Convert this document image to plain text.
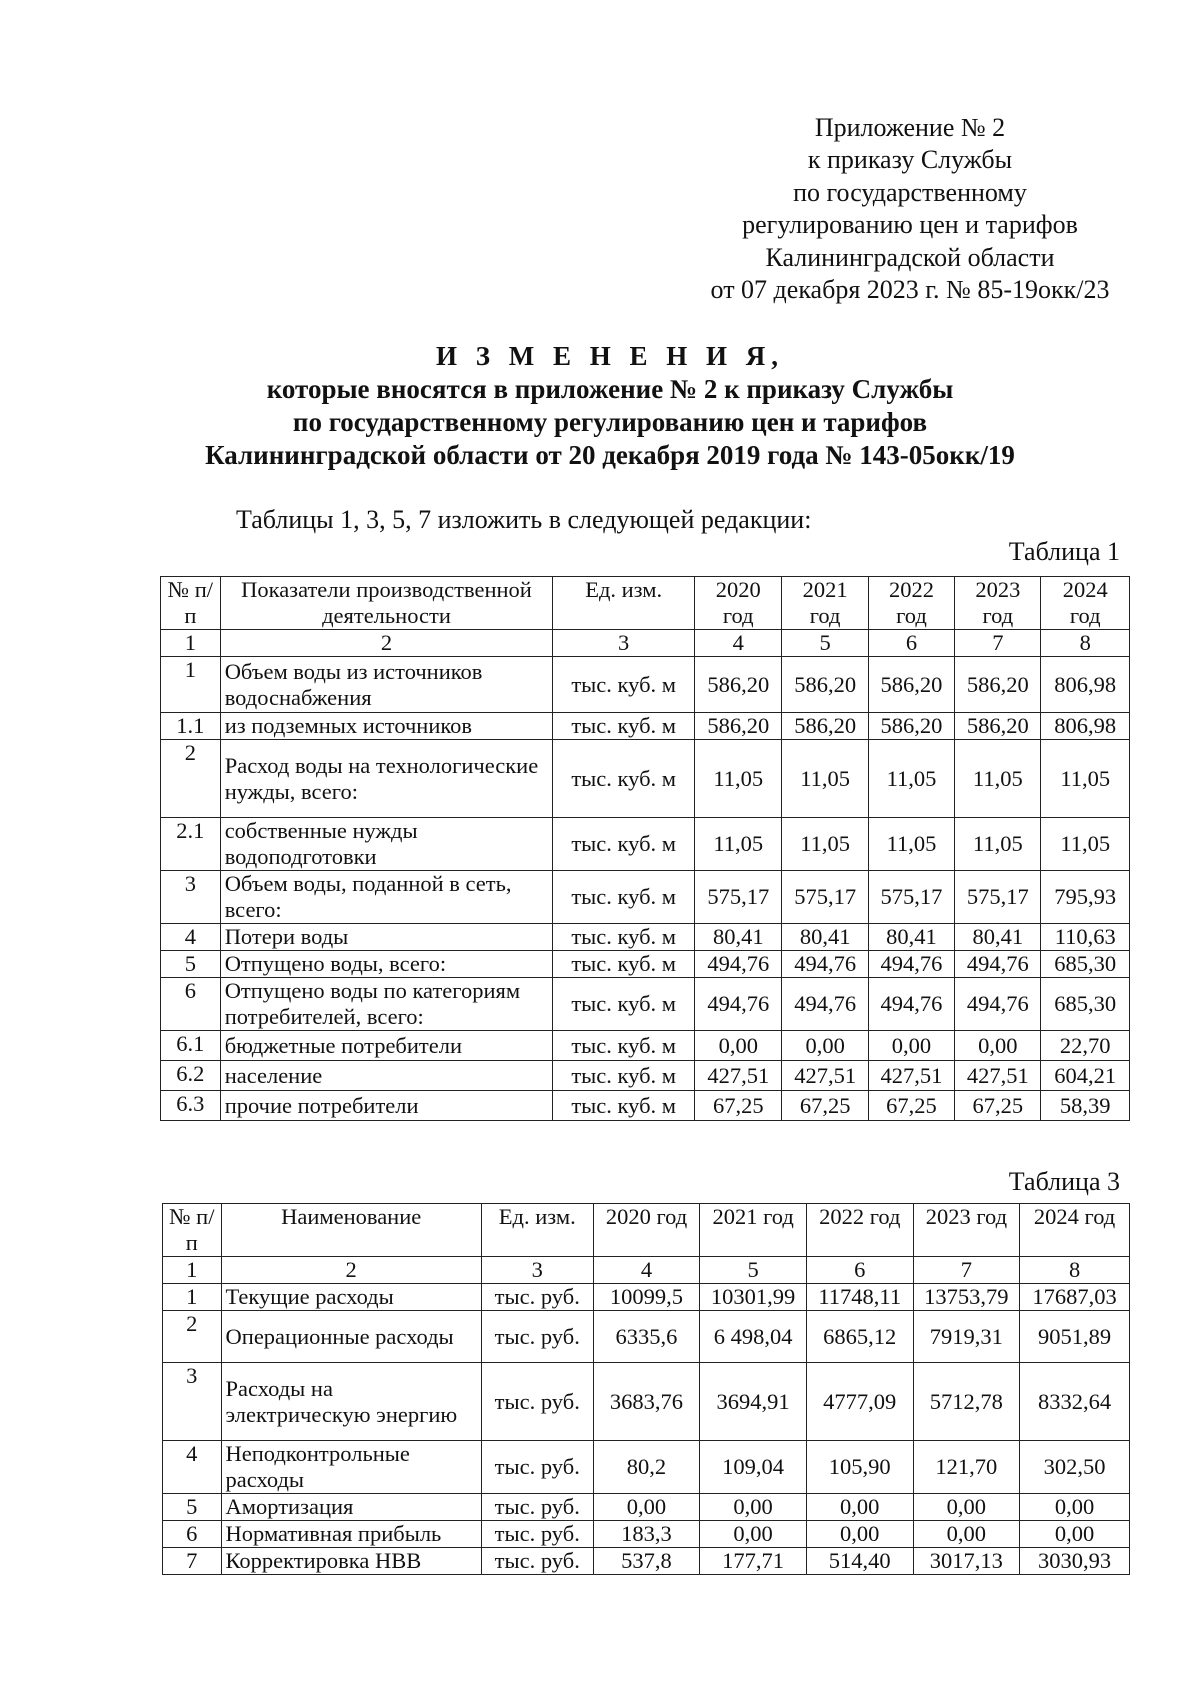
Приложение № 2
к приказу Службы
по государственному
регулированию цен и тарифов
Калининградской области
от 07 декабря 2023 г. № 85-19окк/23
И З М Е Н Е Н И Я,
которые вносятся в приложение № 2 к приказу Службы
по государственному регулированию цен и тарифов
Калининградской области от 20 декабря 2019 года № 143-05окк/19
Таблицы 1, 3, 5, 7 изложить в следующей редакции:
Таблица 1
№ п/п	Показатели производственной деятельности	Ед. изм.	2020 год	2021 год	2022 год	2023 год	2024 год
1	2	3	4	5	6	7	8
1	Объем воды из источников водоснабжения	тыс. куб. м	586,20	586,20	586,20	586,20	806,98
1.1	из подземных источников	тыс. куб. м	586,20	586,20	586,20	586,20	806,98
2	Расход воды на технологические нужды, всего:	тыс. куб. м	11,05	11,05	11,05	11,05	11,05
2.1	собственные нужды водоподготовки	тыс. куб. м	11,05	11,05	11,05	11,05	11,05
3	Объем воды, поданной в сеть, всего:	тыс. куб. м	575,17	575,17	575,17	575,17	795,93
4	Потери воды	тыс. куб. м	80,41	80,41	80,41	80,41	110,63
5	Отпущено воды, всего:	тыс. куб. м	494,76	494,76	494,76	494,76	685,30
6	Отпущено воды по категориям потребителей, всего:	тыс. куб. м	494,76	494,76	494,76	494,76	685,30
6.1	бюджетные потребители	тыс. куб. м	0,00	0,00	0,00	0,00	22,70
6.2	население	тыс. куб. м	427,51	427,51	427,51	427,51	604,21
6.3	прочие потребители	тыс. куб. м	67,25	67,25	67,25	67,25	58,39
Таблица 3
№ п/п	Наименование	Ед. изм.	2020 год	2021 год	2022 год	2023 год	2024 год
1	2	3	4	5	6	7	8
1	Текущие расходы	тыс. руб.	10099,5	10301,99	11748,11	13753,79	17687,03
2	Операционные расходы	тыс. руб.	6335,6	6 498,04	6865,12	7919,31	9051,89
3	Расходы на электрическую энергию	тыс. руб.	3683,76	3694,91	4777,09	5712,78	8332,64
4	Неподконтрольные расходы	тыс. руб.	80,2	109,04	105,90	121,70	302,50
5	Амортизация	тыс. руб.	0,00	0,00	0,00	0,00	0,00
6	Нормативная прибыль	тыс. руб.	183,3	0,00	0,00	0,00	0,00
7	Корректировка НВВ	тыс. руб.	537,8	177,71	514,40	3017,13	3030,93
